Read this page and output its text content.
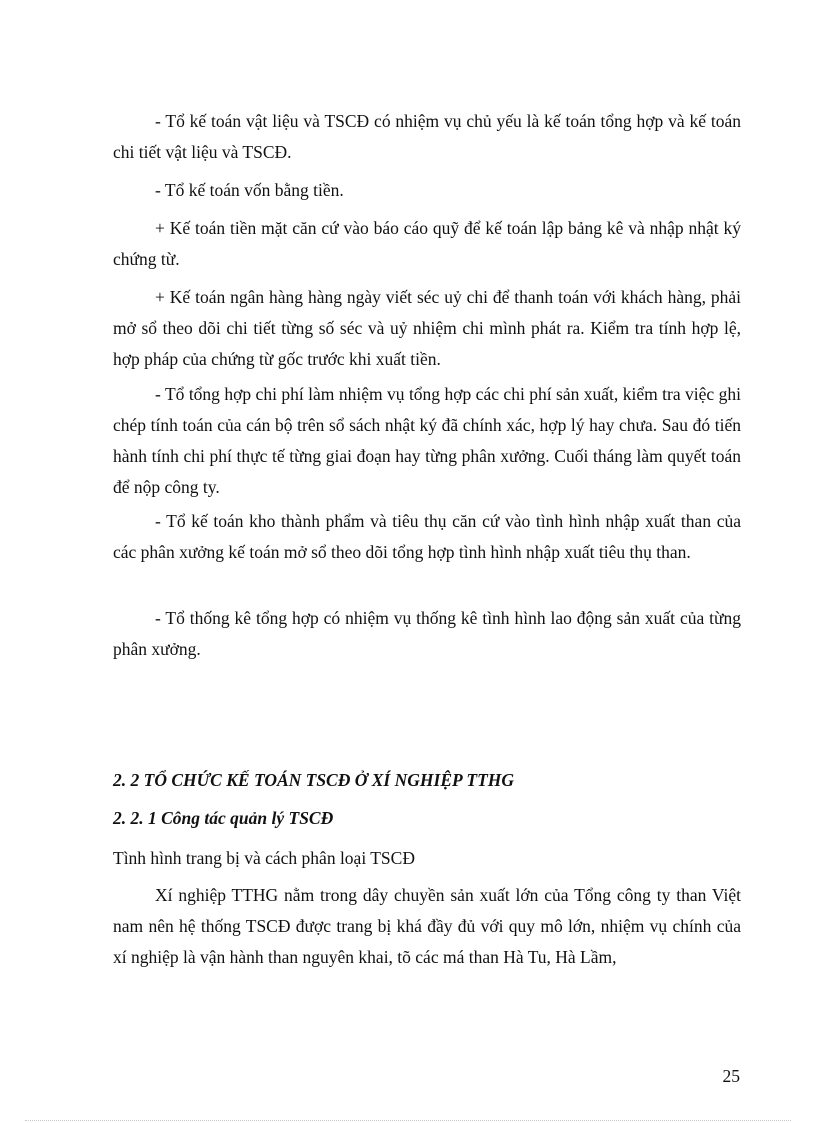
- Tổ kế toán vật liệu và TSCĐ có nhiệm vụ chủ yếu là kế toán tổng hợp và kế toán chi tiết vật liệu và TSCĐ.

- Tổ kế toán vốn bằng tiền.

+ Kế toán tiền mặt căn cứ vào báo cáo quỹ để kế toán lập bảng kê và nhập nhật ký chứng từ.

+ Kế toán ngân hàng hàng ngày viết séc uỷ chi để thanh toán với khách hàng, phải mở sổ theo dõi chi tiết từng số séc và uỷ nhiệm chi mình phát ra. Kiểm tra tính hợp lệ, hợp pháp của chứng từ gốc trước khi xuất tiền.

- Tổ tổng hợp chi phí làm nhiệm vụ tổng hợp các chi phí sản xuất, kiểm tra việc ghi chép tính toán của cán bộ trên sổ sách nhật ký đã chính xác, hợp lý hay chưa. Sau đó tiến hành tính chi phí thực tế từng giai đoạn hay từng phân xưởng. Cuối tháng làm quyết toán để nộp công ty.

- Tổ kế toán kho thành phẩm và tiêu thụ căn cứ vào tình hình nhập xuất than của các phân xưởng kế toán mở sổ theo dõi tổng hợp tình hình nhập xuất tiêu thụ than.

- Tổ thống kê tổng hợp có nhiệm vụ thống kê tình hình lao động sản xuất của từng phân xưởng.

2. 2 TỔ CHỨC KẾ TOÁN TSCĐ Ở XÍ NGHIỆP TTHG

2. 2. 1 Công tác quản lý TSCĐ

Tình hình trang bị và cách phân loại TSCĐ

Xí nghiệp TTHG nằm trong dây chuyền sản xuất lớn của Tổng công ty than Việt nam nên hệ thống TSCĐ được trang bị khá đầy đủ với quy mô lớn, nhiệm vụ chính của xí nghiệp là vận hành than nguyên khai, tõ các má than Hà Tu, Hà Lầm,

25
